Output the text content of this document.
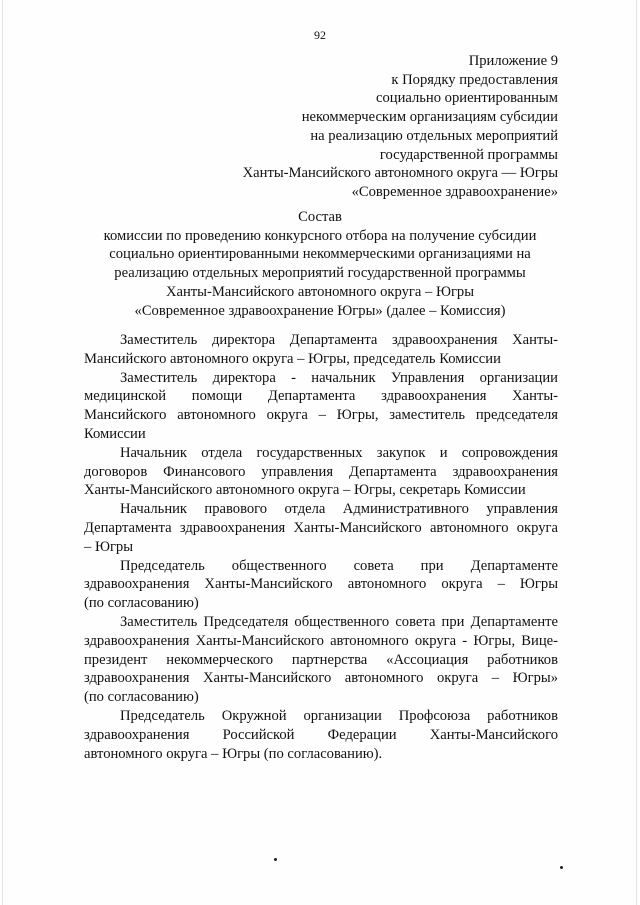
92
Приложение 9
к Порядку предоставления
социально ориентированным
некоммерческим организациям субсидии
на реализацию отдельных мероприятий
государственной программы
Ханты-Мансийского автономного округа — Югры
«Современное здравоохранение»
Состав
комиссии по проведению конкурсного отбора на получение субсидии
социально ориентированными некоммерческими организациями на
реализацию отдельных мероприятий государственной программы
Ханты-Мансийского автономного округа – Югры
«Современное здравоохранение Югры» (далее – Комиссия)
Заместитель директора Департамента здравоохранения Ханты-
Мансийского автономного округа – Югры, председатель Комиссии
Заместитель директора - начальник Управления организации
медицинской помощи Департамента здравоохранения Ханты-
Мансийского автономного округа – Югры, заместитель председателя
Комиссии
Начальник отдела государственных закупок и сопровождения
договоров Финансового управления Департамента здравоохранения
Ханты-Мансийского автономного округа – Югры, секретарь Комиссии
Начальник правового отдела Административного управления
Департамента здравоохранения Ханты-Мансийского автономного округа
– Югры
Председатель общественного совета при Департаменте
здравоохранения Ханты-Мансийского автономного округа – Югры
(по согласованию)
Заместитель Председателя общественного совета при Департаменте
здравоохранения Ханты-Мансийского автономного округа - Югры, Вице-
президент некоммерческого партнерства «Ассоциация работников
здравоохранения Ханты-Мансийского автономного округа – Югры»
(по согласованию)
Председатель Окружной организации Профсоюза работников
здравоохранения Российской Федерации Ханты-Мансийского
автономного округа – Югры (по согласованию).
